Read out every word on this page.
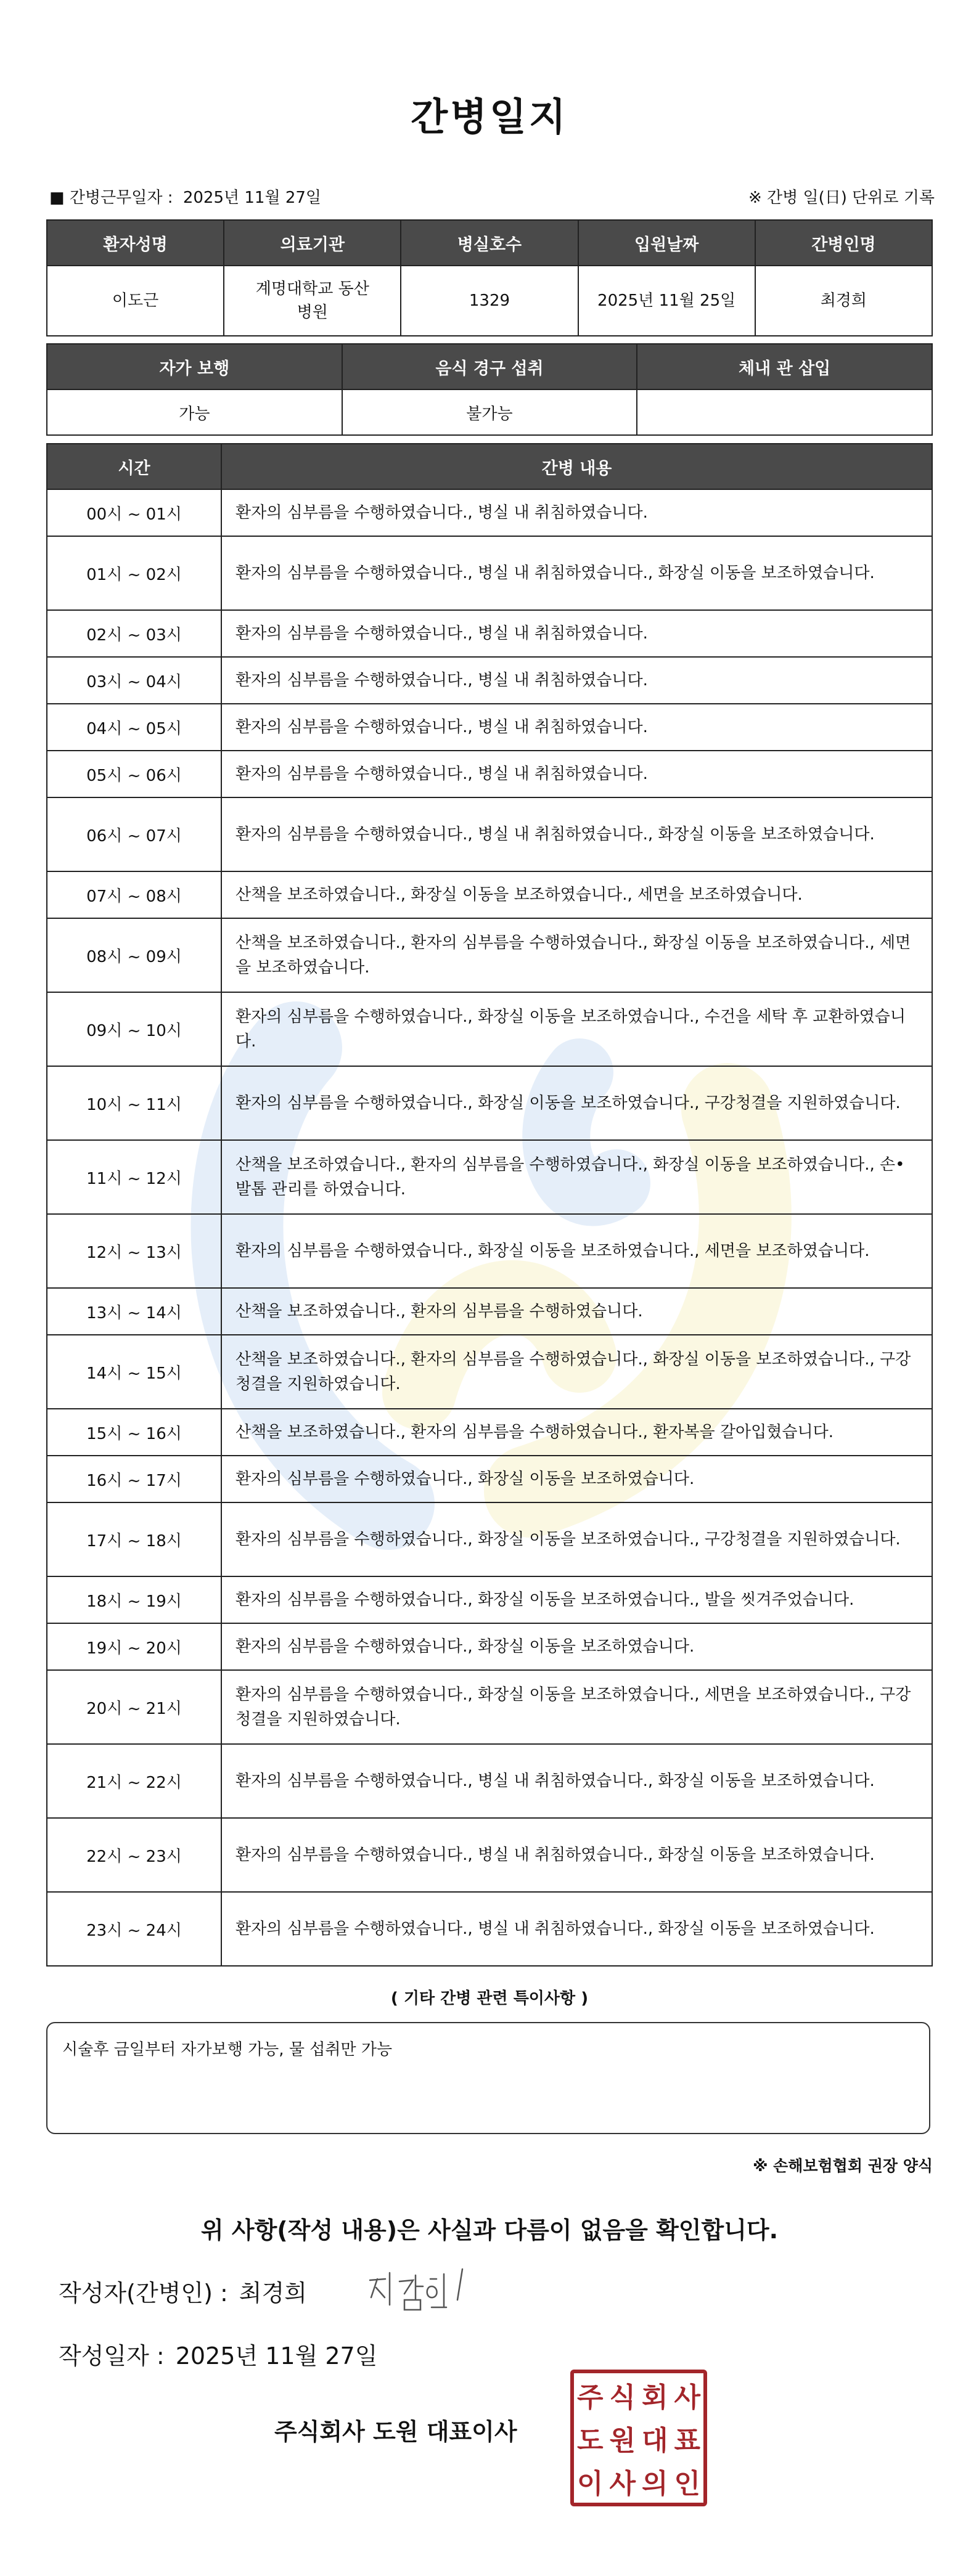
간병일지
■ 간병근무일자 : 2025년 11월 27일	※ 간병 일(日) 단위로 기록
환자성명	의료기관	병실호수	입원날짜	간병인명
이도근	계명대학교 동산병원	1329	2025년 11월 25일	최경희
자가 보행	음식 경구 섭취	체내 관 삽입
가능	불가능	
시간	간병 내용
00시 ~ 01시	환자의 심부름을 수행하였습니다., 병실 내 취침하였습니다.
01시 ~ 02시	환자의 심부름을 수행하였습니다., 병실 내 취침하였습니다., 화장실 이동을 보조하였습니다.
02시 ~ 03시	환자의 심부름을 수행하였습니다., 병실 내 취침하였습니다.
03시 ~ 04시	환자의 심부름을 수행하였습니다., 병실 내 취침하였습니다.
04시 ~ 05시	환자의 심부름을 수행하였습니다., 병실 내 취침하였습니다.
05시 ~ 06시	환자의 심부름을 수행하였습니다., 병실 내 취침하였습니다.
06시 ~ 07시	환자의 심부름을 수행하였습니다., 병실 내 취침하였습니다., 화장실 이동을 보조하였습니다.
07시 ~ 08시	산책을 보조하였습니다., 화장실 이동을 보조하였습니다., 세면을 보조하였습니다.
08시 ~ 09시	산책을 보조하였습니다., 환자의 심부름을 수행하였습니다., 화장실 이동을 보조하였습니다., 세면을 보조하였습니다.
09시 ~ 10시	환자의 심부름을 수행하였습니다., 화장실 이동을 보조하였습니다., 수건을 세탁 후 교환하였습니다.
10시 ~ 11시	환자의 심부름을 수행하였습니다., 화장실 이동을 보조하였습니다., 구강청결을 지원하였습니다.
11시 ~ 12시	산책을 보조하였습니다., 환자의 심부름을 수행하였습니다., 화장실 이동을 보조하였습니다., 손•발톱 관리를 하였습니다.
12시 ~ 13시	환자의 심부름을 수행하였습니다., 화장실 이동을 보조하였습니다., 세면을 보조하였습니다.
13시 ~ 14시	산책을 보조하였습니다., 환자의 심부름을 수행하였습니다.
14시 ~ 15시	산책을 보조하였습니다., 환자의 심부름을 수행하였습니다., 화장실 이동을 보조하였습니다., 구강청결을 지원하였습니다.
15시 ~ 16시	산책을 보조하였습니다., 환자의 심부름을 수행하였습니다., 환자복을 갈아입혔습니다.
16시 ~ 17시	환자의 심부름을 수행하였습니다., 화장실 이동을 보조하였습니다.
17시 ~ 18시	환자의 심부름을 수행하였습니다., 화장실 이동을 보조하였습니다., 구강청결을 지원하였습니다.
18시 ~ 19시	환자의 심부름을 수행하였습니다., 화장실 이동을 보조하였습니다., 발을 씻겨주었습니다.
19시 ~ 20시	환자의 심부름을 수행하였습니다., 화장실 이동을 보조하였습니다.
20시 ~ 21시	환자의 심부름을 수행하였습니다., 화장실 이동을 보조하였습니다., 세면을 보조하였습니다., 구강청결을 지원하였습니다.
21시 ~ 22시	환자의 심부름을 수행하였습니다., 병실 내 취침하였습니다., 화장실 이동을 보조하였습니다.
22시 ~ 23시	환자의 심부름을 수행하였습니다., 병실 내 취침하였습니다., 화장실 이동을 보조하였습니다.
23시 ~ 24시	환자의 심부름을 수행하였습니다., 병실 내 취침하였습니다., 화장실 이동을 보조하였습니다.
( 기타 간병 관련 특이사항 )
시술후 금일부터 자가보행 가능, 물 섭취만 가능
※ 손해보험협회 권장 양식
위 사항(작성 내용)은 사실과 다름이 없음을 확인합니다.
작성자(간병인) : 최경희
작성일자 : 2025년 11월 27일
주식회사 도원 대표이사
주 식 회 사
도 원 대 표
이 사 의 인
